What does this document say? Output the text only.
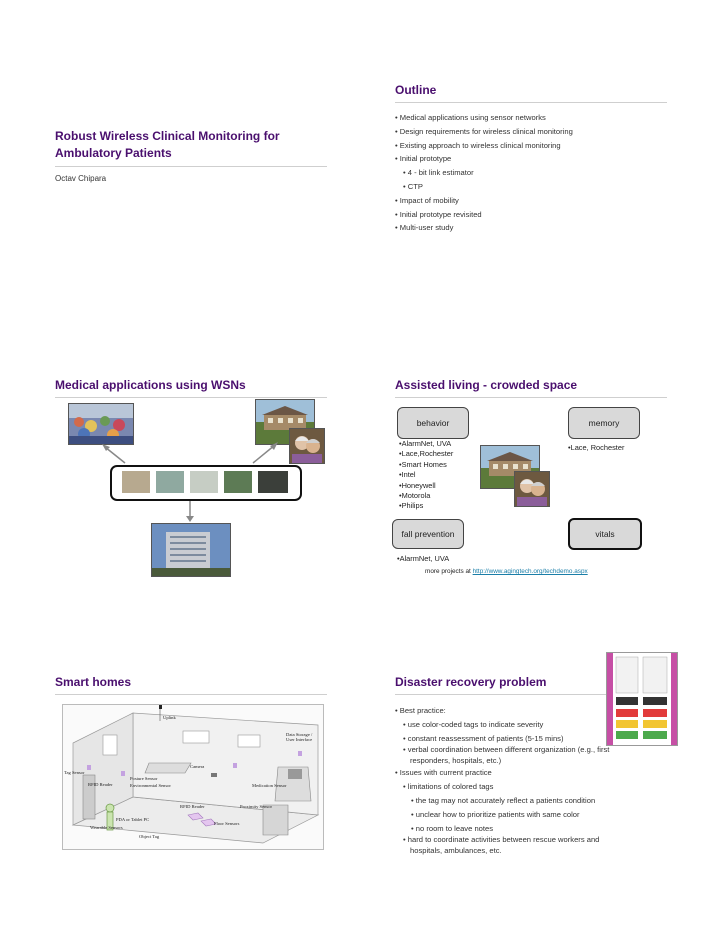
Robust Wireless Clinical Monitoring for Ambulatory Patients
Octav Chipara
Outline
• Medical applications using sensor networks
• Design requirements for wireless clinical monitoring
• Existing approach to wireless clinical monitoring
• Initial prototype
• 4 - bit link estimator
• CTP
• Impact of mobility
• Initial prototype revisited
• Multi-user study
Medical applications using WSNs	Assisted living - crowded space
behavior	memory
•AlarmNet, UVA
•Lace,Rochester
•Smart Homes
•Intel
•Honeywell
•Motorola
•Philips
•Lace, Rochester
fall prevention	vitals
•AlarmNet, UVA
more projects at http://www.agingtech.org/techdemo.aspx
Smart homes
Uplink
Data Storage / User Interface
Camera
Tag Sensor
RFID Reader
Posture Sensor
Environmental Sensor	Medication Sensor
RFID Reader	Proximity Sensor
PDA or Tablet PC
Floor Sensors
Wearable Sensors
Object Tag
Disaster recovery problem
• Best practice:
• use color-coded tags to indicate severity
• constant reassessment of patients (5-15 mins)
• verbal coordination between different organization (e.g., first
responders, hospitals, etc.)
• Issues with current practice
• limitations of colored tags
• the tag may not accurately reflect a patients condition
• unclear how to prioritize patients with same color
• no room to leave notes
• hard to coordinate activities between rescue workers and
hospitals, ambulances, etc.
